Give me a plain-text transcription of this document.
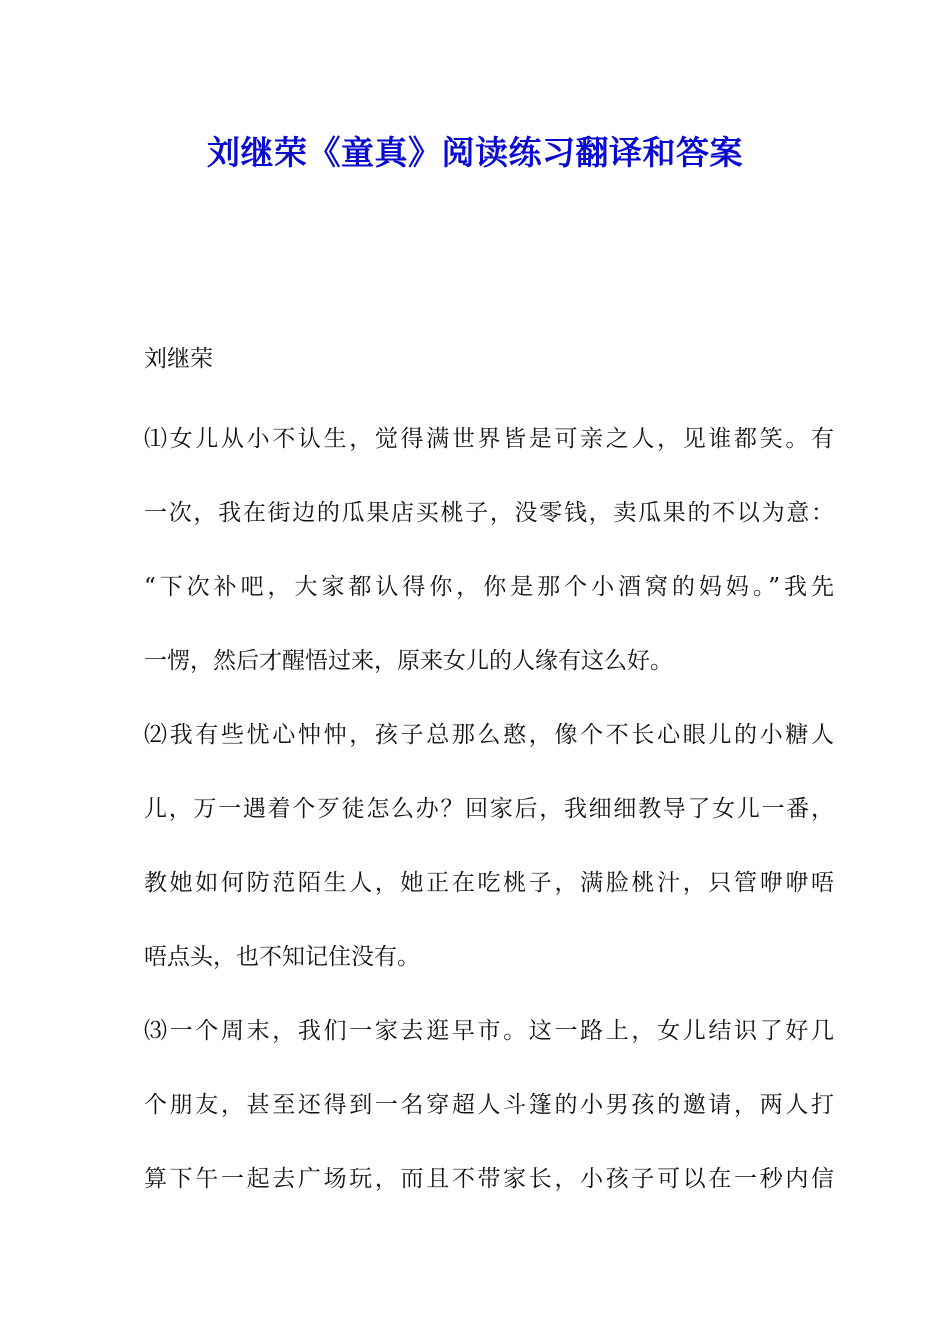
刘继荣《童真》阅读练习翻译和答案
刘继荣

⑴女儿从小不认生，觉得满世界皆是可亲之人，见谁都笑。有
一次，我在街边的瓜果店买桃子，没零钱，卖瓜果的不以为意：
“下次补吧，大家都认得你，你是那个小酒窝的妈妈。”我先
一愣，然后才醒悟过来，原来女儿的人缘有这么好。

⑵我有些忧心忡忡，孩子总那么憨，像个不长心眼儿的小糖人
儿，万一遇着个歹徒怎么办？回家后，我细细教导了女儿一番，
教她如何防范陌生人，她正在吃桃子，满脸桃汁，只管咿咿唔
唔点头，也不知记住没有。

⑶一个周末，我们一家去逛早市。这一路上，女儿结识了好几
个朋友，甚至还得到一名穿超人斗篷的小男孩的邀请，两人打
算下午一起去广场玩，而且不带家长，小孩子可以在一秒内信
